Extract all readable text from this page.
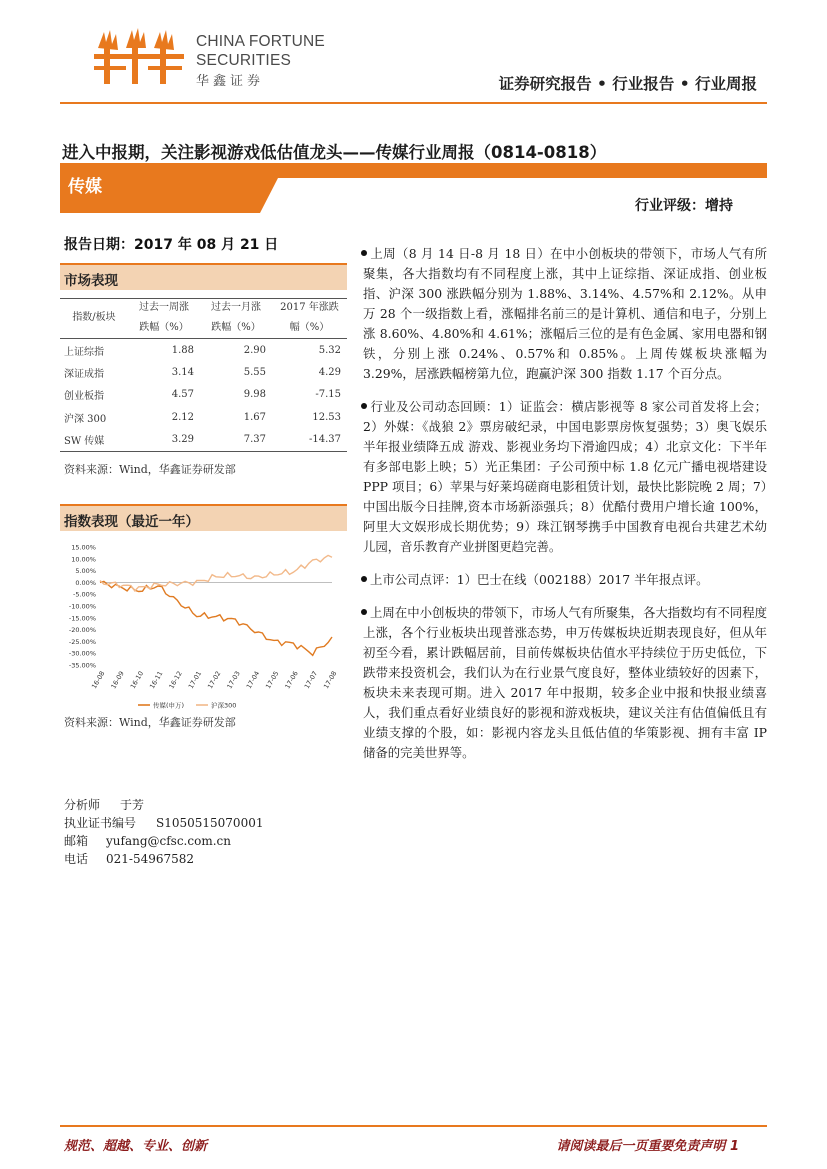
CHINA FORTUNE
SECURITIES
华鑫证券	证券研究报告 • 行业报告 • 行业周报
进入中报期，关注影视游戏低估值龙头——传媒行业周报（0814-0818）
传媒
行业评级：增持
报告日期：2017 年 08 月 21 日
市场表现
指数/板块	过去一周涨	过去一月涨	2017 年涨跌
	跌幅（%）	跌幅（%）	幅（%）
上证综指	1.88	2.90	5.32
深证成指	3.14	5.55	4.29
创业板指	4.57	9.98	-7.15
沪深 300	2.12	1.67	12.53
SW 传媒	3.29	7.37	-14.37
资料来源：Wind，华鑫证券研发部
指数表现（最近一年）
15.00%
10.00%
5.00%
0.00%
-5.00%
-10.00%
-15.00%
-20.00%
-25.00%
-30.00%
-35.00%
16-08 16-09 16-10 16-11 16-12 17-01 17-02 17-03 17-04 17-05 17-06 17-07 17-08
传媒(申万)	沪深300
资料来源：Wind，华鑫证券研发部
分析师 于芳
执业证书编号 S1050515070001
邮箱 yufang@cfsc.com.cn
电话 021-54967582

上周（8 月 14 日-8 月 18 日）在中小创板块的带领下，市场人气有所聚集，各大指数均有不同程度上涨，其中上证综指、深证成指、创业板指、沪深 300 涨跌幅分别为 1.88%、3.14%、4.57%和 2.12%。从申万 28 个一级指数上看，涨幅排名前三的是计算机、通信和电子，分别上涨 8.60%、4.80%和 4.61%；涨幅后三位的是有色金属、家用电器和钢铁，分别上涨 0.24%、0.57%和 0.85%。上周传媒板块涨幅为 3.29%，居涨跌幅榜第九位，跑赢沪深 300 指数 1.17 个百分点。

行业及公司动态回顾：1）证监会：横店影视等 8 家公司首发将上会；2）外媒：《战狼 2》票房破纪录，中国电影票房恢复强势；3）奥飞娱乐半年报业绩降五成 游戏、影视业务均下滑逾四成；4）北京文化：下半年有多部电影上映；5）光正集团：子公司预中标 1.8 亿元广播电视塔建设 PPP 项目；6）苹果与好莱坞磋商电影租赁计划，最快比影院晚 2 周；7）中国出版今日挂牌,资本市场新添强兵；8）优酷付费用户增长逾 100%，阿里大文娱形成长期优势；9）珠江钢琴携手中国教育电视台共建艺术幼儿园，音乐教育产业拼图更趋完善。

上市公司点评：1）巴士在线（002188）2017 半年报点评。

上周在中小创板块的带领下，市场人气有所聚集，各大指数均有不同程度上涨，各个行业板块出现普涨态势，申万传媒板块近期表现良好，但从年初至今看，累计跌幅居前，目前传媒板块估值水平持续位于历史低位，下跌带来投资机会，我们认为在行业景气度良好，整体业绩较好的因素下，板块未来表现可期。进入 2017 年中报期，较多企业中报和快报业绩喜人，我们重点看好业绩良好的影视和游戏板块，建议关注有估值偏低且有业绩支撑的个股，如：影视内容龙头且低估值的华策影视、拥有丰富 IP 储备的完美世界等。

规范、超越、专业、创新	请阅读最后一页重要免责声明 1
